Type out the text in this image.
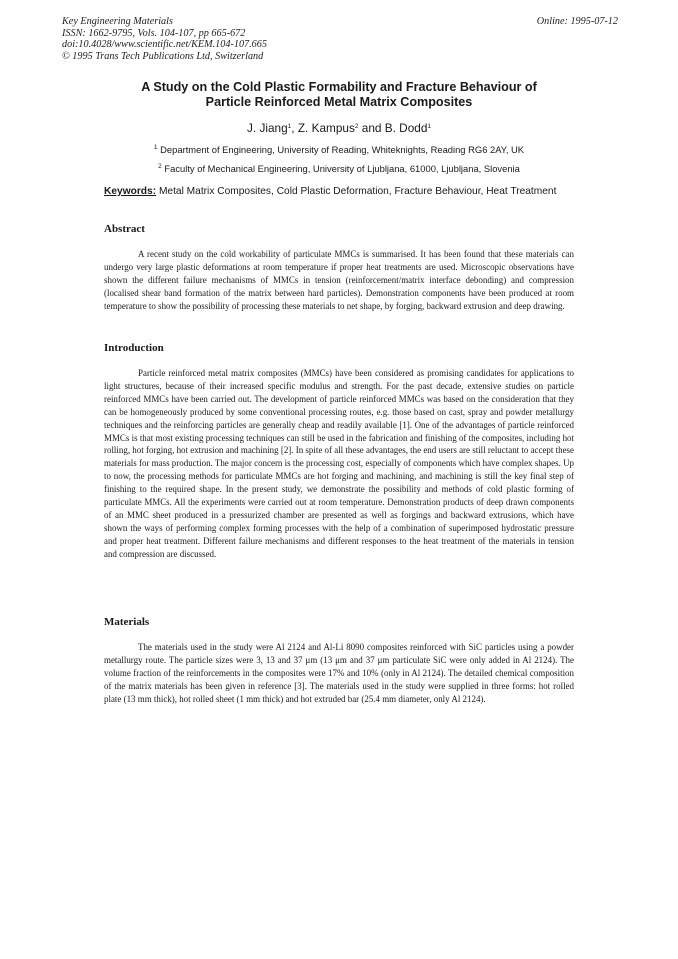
Key Engineering Materials
ISSN: 1662-9795, Vols. 104-107, pp 665-672
doi:10.4028/www.scientific.net/KEM.104-107.665
© 1995 Trans Tech Publications Ltd, Switzerland
Online: 1995-07-12
A Study on the Cold Plastic Formability and Fracture Behaviour of
Particle Reinforced Metal Matrix Composites
J. Jiang$^1$, Z. Kampus$^2$ and B. Dodd$^1$
$^1$ Department of Engineering, University of Reading, Whiteknights, Reading RG6 2AY, UK
$^2$ Faculty of Mechanical Engineering, University of Ljubljana, 61000, Ljubljana, Slovenia
Keywords: Metal Matrix Composites, Cold Plastic Deformation, Fracture Behaviour, Heat Treatment
Abstract

A recent study on the cold workability of particulate MMCs is summarised. It has been found that these materials can undergo very large plastic deformations at room temperature if proper heat treatments are used. Microscopic observations have shown the different failure mechanisms of MMCs in tension (reinforcement/matrix interface debonding) and compression (localised shear band formation of the matrix between hard particles). Demonstration components have been produced at room temperature to show the possibility of processing these materials to net shape, by forging, backward extrusion and deep drawing.

Introduction

Particle reinforced metal matrix composites (MMCs) have been considered as promising candidates for applications to light structures, because of their increased specific modulus and strength. For the past decade, extensive studies on particle reinforced MMCs have been carried out. The development of particle reinforced MMCs was based on the consideration that they can be homogeneously produced by some conventional processing routes, e.g. those based on cast, spray and powder metallurgy techniques and the reinforcing particles are generally cheap and readily available [1]. One of the advantages of particle reinforced MMCs is that most existing processing techniques can still be used in the fabrication and finishing of the composites, including hot rolling, hot forging, hot extrusion and machining [2]. In spite of all these advantages, the end users are still reluctant to accept these materials for mass production. The major concern is the processing cost, especially of components which have complex shapes. Up to now, the processing methods for particulate MMCs are hot forging and machining, and machining is still the key final step of finishing to the required shape. In the present study, we demonstrate the possibility and methods of cold plastic forming of particulate MMCs. All the experiments were carried out at room temperature. Demonstration products of deep drawn components of an MMC sheet produced in a pressurized chamber are presented as well as forgings and backward extrusions, which have shown the ways of performing complex forming processes with the help of a combination of superimposed hydrostatic pressure and proper heat treatment. Different failure mechanisms and different responses to the heat treatment of the materials in tension and compression are discussed.

Materials

The materials used in the study were Al 2124 and Al-Li 8090 composites reinforced with SiC particles using a powder metallurgy route. The particle sizes were 3, 13 and 37 μm (13 μm and 37 μm particulate SiC were only added in Al 2124). The volume fraction of the reinforcements in the composites were 17% and 10% (only in Al 2124). The detailed chemical composition of the matrix materials has been given in reference [3]. The materials used in the study were supplied in three forms: hot rolled plate (13 mm thick), hot rolled sheet (1 mm thick) and hot extruded bar (25.4 mm diameter, only Al 2124).
